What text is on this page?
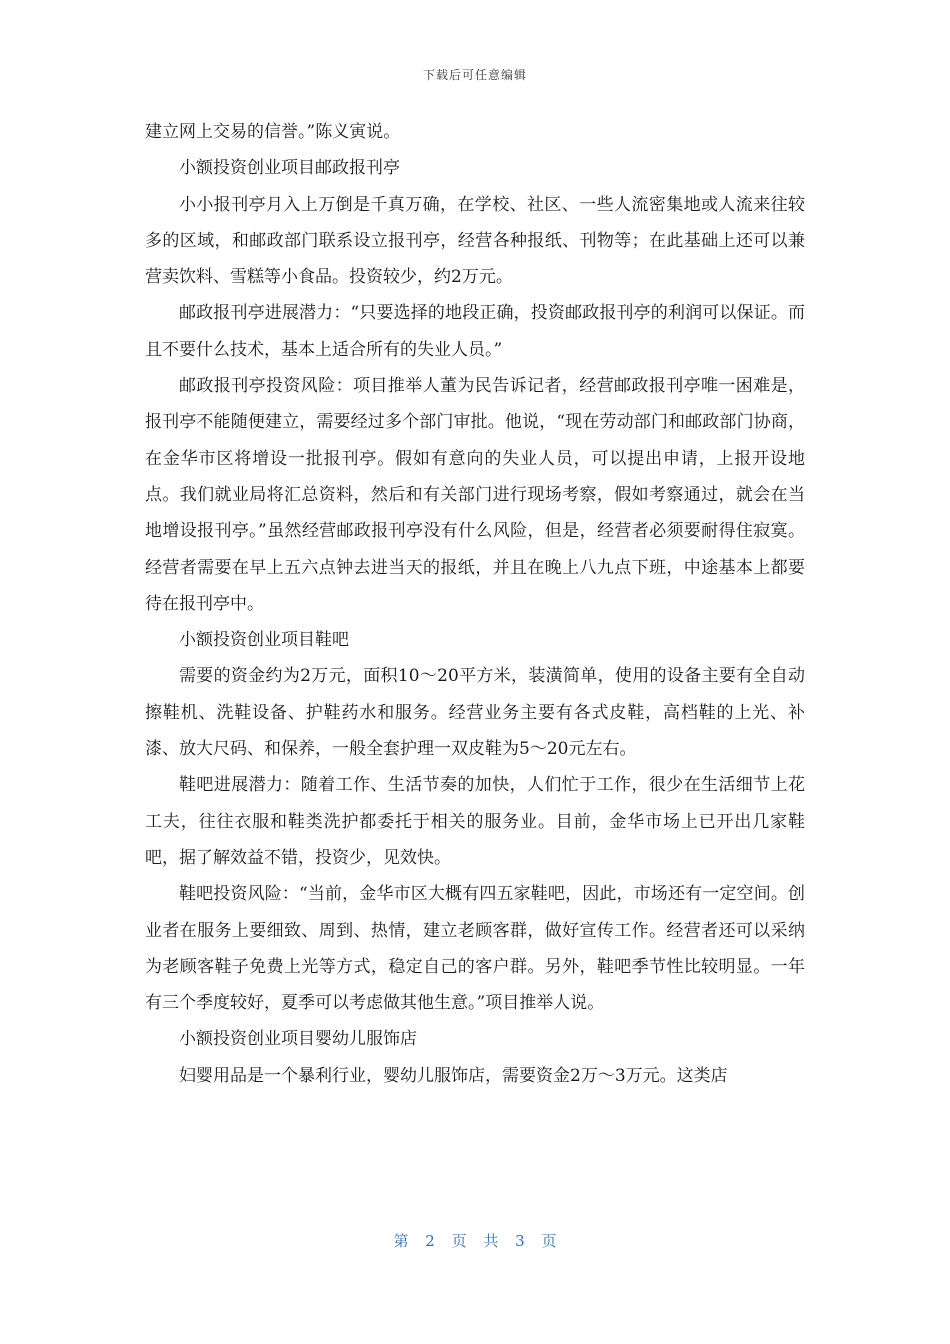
下载后可任意编辑

建立网上交易的信誉。”陈义寅说。

小额投资创业项目邮政报刊亭

小小报刊亭月入上万倒是千真万确，在学校、社区、一些人流密集地或人流来往较多的区域，和邮政部门联系设立报刊亭，经营各种报纸、刊物等；在此基础上还可以兼营卖饮料、雪糕等小食品。投资较少，约2万元。

邮政报刊亭进展潜力：“只要选择的地段正确，投资邮政报刊亭的利润可以保证。而且不要什么技术，基本上适合所有的失业人员。”

邮政报刊亭投资风险：项目推举人董为民告诉记者，经营邮政报刊亭唯一困难是，报刊亭不能随便建立，需要经过多个部门审批。他说，“现在劳动部门和邮政部门协商，在金华市区将增设一批报刊亭。假如有意向的失业人员，可以提出申请，上报开设地点。我们就业局将汇总资料，然后和有关部门进行现场考察，假如考察通过，就会在当地增设报刊亭。”虽然经营邮政报刊亭没有什么风险，但是，经营者必须要耐得住寂寞。经营者需要在早上五六点钟去进当天的报纸，并且在晚上八九点下班，中途基本上都要待在报刊亭中。

小额投资创业项目鞋吧

需要的资金约为2万元，面积10～20平方米，装潢简单，使用的设备主要有全自动擦鞋机、洗鞋设备、护鞋药水和服务。经营业务主要有各式皮鞋，高档鞋的上光、补漆、放大尺码、和保养，一般全套护理一双皮鞋为5～20元左右。

鞋吧进展潜力：随着工作、生活节奏的加快，人们忙于工作，很少在生活细节上花工夫，往往衣服和鞋类洗护都委托于相关的服务业。目前，金华市场上已开出几家鞋吧，据了解效益不错，投资少，见效快。

鞋吧投资风险：“当前，金华市区大概有四五家鞋吧，因此，市场还有一定空间。创业者在服务上要细致、周到、热情，建立老顾客群，做好宣传工作。经营者还可以采纳为老顾客鞋子免费上光等方式，稳定自己的客户群。另外，鞋吧季节性比较明显。一年有三个季度较好，夏季可以考虑做其他生意。”项目推举人说。

小额投资创业项目婴幼儿服饰店

妇婴用品是一个暴利行业，婴幼儿服饰店，需要资金2万～3万元。这类店

第 2 页 共 3 页
